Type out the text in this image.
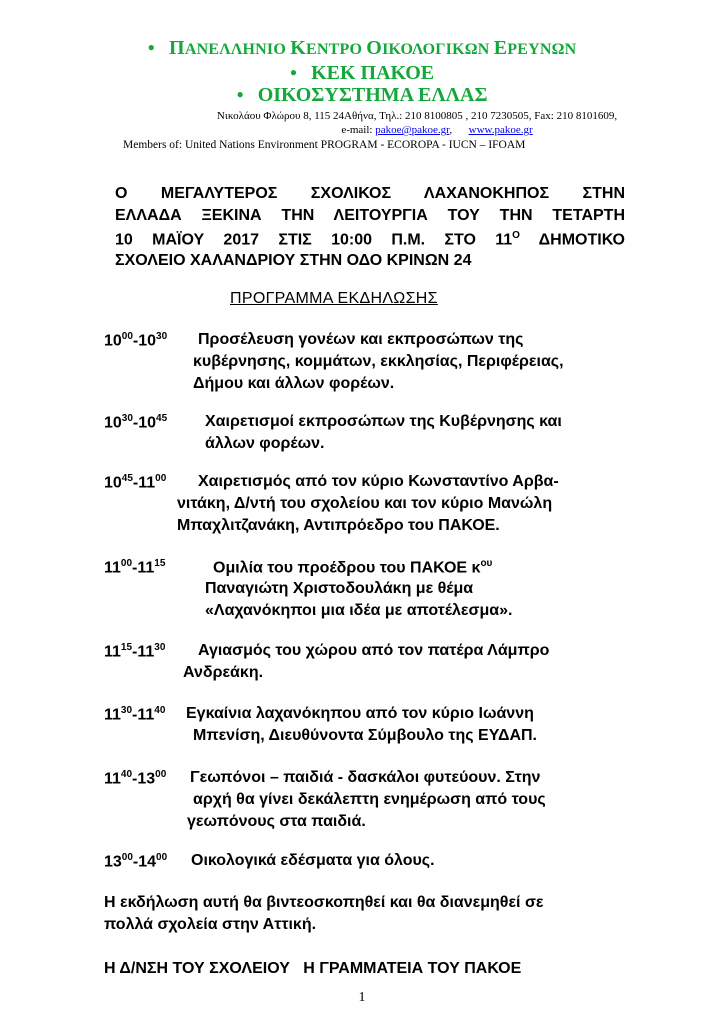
● ΠΑΝΕΛΛΗΝΙΟ ΚΕΝΤΡΟ ΟΙΚΟΛΟΓΙΚΩΝ ΕΡΕΥΝΩΝ
● ΚΕΚ ΠΑΚΟΕ
● ΟΙΚΟΣΥΣΤΗΜΑ ΕΛΛΑΣ
Νικολάου Φλώρου 8, 115 24Αθήνα, Τηλ.: 210 8100805 , 210 7230505, Fax: 210 8101609,
e-mail: pakoe@pakoe.gr,      www.pakoe.gr
Members of: United Nations Environment PROGRAM - ECOROPA - IUCN – IFOAM
Ο ΜΕΓΑΛΥΤΕΡΟΣ ΣΧΟΛΙΚΟΣ ΛΑΧΑΝΟΚΗΠΟΣ ΣΤΗΝ
ΕΛΛΑΔΑ ΞΕΚΙΝΑ ΤΗΝ ΛΕΙΤΟΥΡΓΙΑ ΤΟΥ ΤΗΝ ΤΕΤΑΡΤΗ
10 ΜΑΪΟΥ 2017 ΣΤΙΣ 10:00 Π.Μ. ΣΤΟ $11^O$ ΔΗΜΟΤΙΚΟ
ΣΧΟΛΕΙΟ ΧΑΛΑΝΔΡΙΟΥ ΣΤΗΝ ΟΔΟ ΚΡΙΝΩΝ 24
ΠΡΟΓΡΑΜΜΑ ΕΚΔΗΛΩΣΗΣ
$10^{00}-10^{30}$ Προσέλευση γονέων και εκπροσώπων της
κυβέρνησης, κομμάτων, εκκλησίας, Περιφέρειας,
Δήμου και άλλων φορέων.
$10^{30}-10^{45}$ Χαιρετισμοί εκπροσώπων της Κυβέρνησης και
άλλων φορέων.
$10^{45}-11^{00}$ Χαιρετισμός από τον κύριο Κωνσταντίνο Αρβα-
νιτάκη, Δ/ντή του σχολείου και τον κύριο Μανώλη
Μπαχλιτζανάκη, Αντιπρόεδρο του ΠΑΚΟΕ.
$11^{00}-11^{15}$	Ομιλία του προέδρου του ΠΑΚΟΕ $\kappa^{o\upsilon}$
Παναγιώτη Χριστοδουλάκη με θέμα
«Λαχανόκηποι μια ιδέα με αποτέλεσμα».
$11^{15}-11^{30}$ Αγιασμός του χώρου από τον πατέρα Λάμπρο
Ανδρεάκη.
$11^{30}-11^{40}$ Εγκαίνια λαχανόκηπου από τον κύριο Ιωάννη
Μπενίση, Διευθύνοντα Σύμβουλο της ΕΥΔΑΠ.
$11^{40}-13^{00}$ Γεωπόνοι – παιδιά - δασκάλοι φυτεύουν. Στην
αρχή θα γίνει δεκάλεπτη ενημέρωση από τους
γεωπόνους στα παιδιά.
$13^{00}-14^{00}$ Οικολογικά εδέσματα για όλους.
Η εκδήλωση αυτή θα βιντεοσκοπηθεί και θα διανεμηθεί σε
πολλά σχολεία στην Αττική.
Η Δ/ΝΣΗ ΤΟΥ ΣΧΟΛΕΙΟΥ   Η ΓΡΑΜΜΑΤΕΙΑ ΤΟΥ ΠΑΚΟΕ
1
